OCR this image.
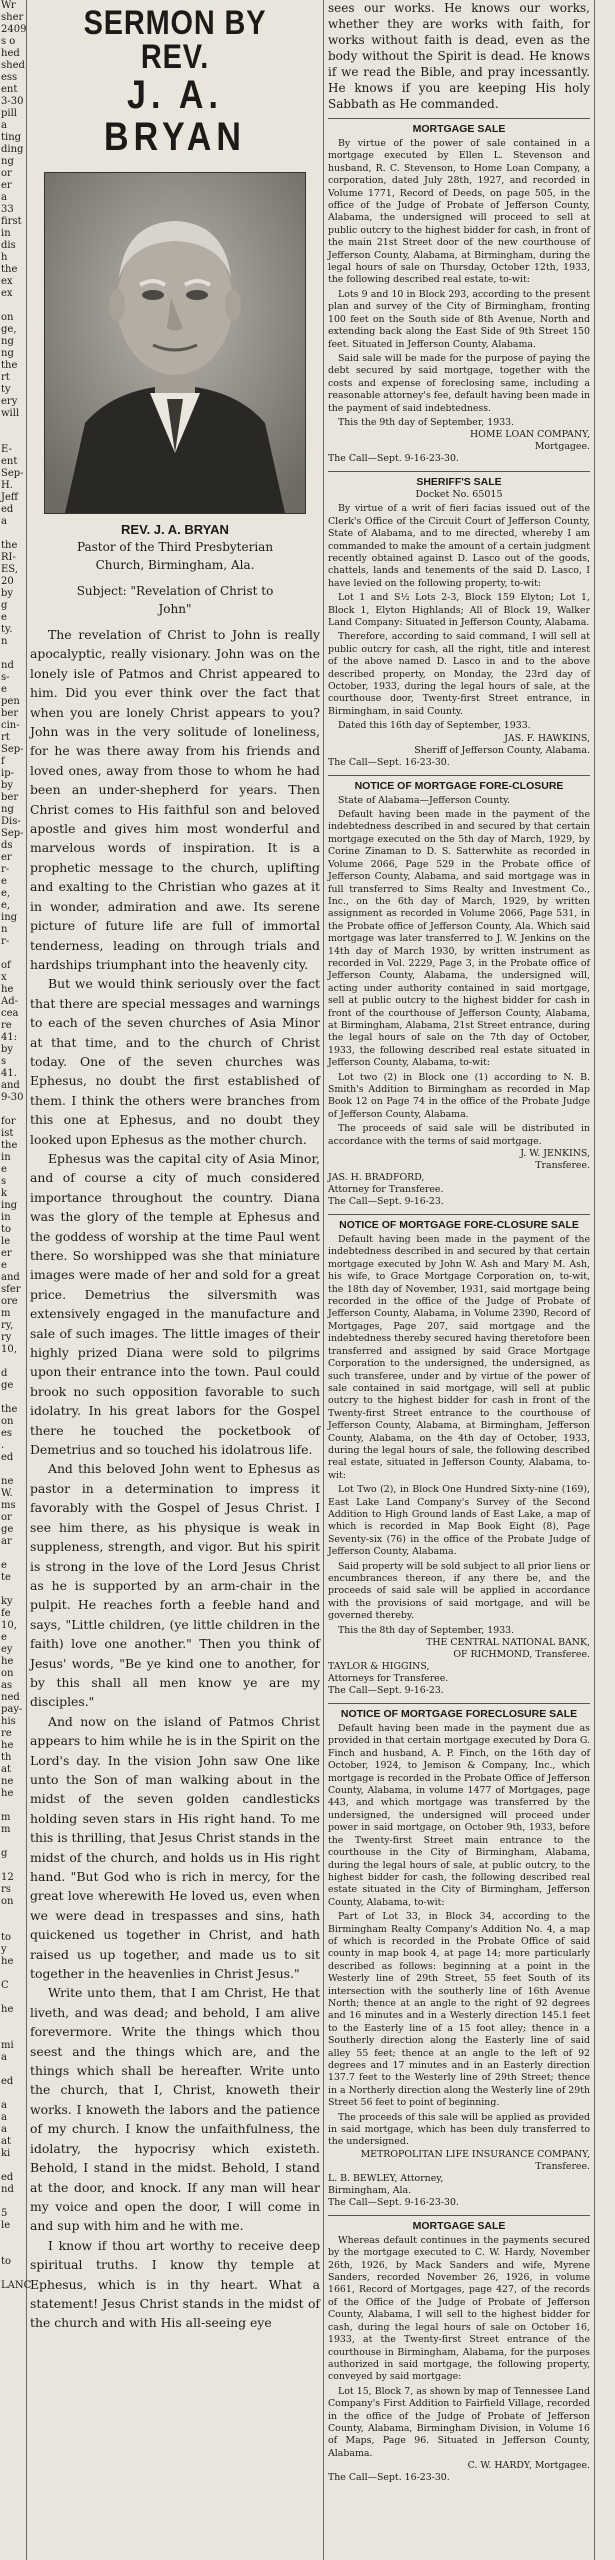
Wr
sher
2409
s o
hed
shed
ess
ent
3-30
pill
a
ting
ding
ng
or
er
a
33
first
in
dis
h
the
ex
ex

on
ge,
ng
ng
the
rt
ty
ery
will

E-
ent
Sep-
H.
Jeff
ed
a

the
RI-
ES,
20
by
g
e
ty.
n

nd
s-
e
pen
ber
cin-
rt
Sep-
f
ip-
by
ber
ng
Dis-
Sep-
ds
er
r-
e
e,
e,
ing
n
r-

of
x
he
Ad-
cea
re
41:
by
s
41.
and
9-30

for
ist
the
in
e
s
k
ing
in
to
le
er
e
and
sfer
ore
m
ry,
ry
10,

d
ge

the
on
es
.
ed

ne
W.
ms
or
ge
ar

e
te

ky
fe
10,
e
ey
he
on
as
ned
pay-
his
re
he
th
at
ne
he

m
m

g

12
rs
on

to
y
he

C

he

mi
a

ed

a
a
a
at
ki

ed
nd

5
le

to

LANC
SERMON BY REV.
J. A. BRYAN
REV. J. A. BRYAN
Pastor of the Third Presbyterian
Church, Birmingham, Ala.
Subject: "Revelation of Christ to
John"

The revelation of Christ to John is really apocalyptic, really visionary. John was on the lonely isle of Patmos and Christ appeared to him. Did you ever think over the fact that when you are lonely Christ appears to you? John was in the very solitude of loneliness, for he was there away from his friends and loved ones, away from those to whom he had been an under-shepherd for years. Then Christ comes to His faithful son and beloved apostle and gives him most wonderful and marvelous words of inspiration. It is a prophetic message to the church, uplifting and exalting to the Christian who gazes at it in wonder, admiration and awe. Its serene picture of future life are full of immortal tenderness, leading on through trials and hardships triumphant into the heavenly city.

But we would think seriously over the fact that there are special messages and warnings to each of the seven churches of Asia Minor at that time, and to the church of Christ today. One of the seven churches was Ephesus, no doubt the first established of them. I think the others were branches from this one at Ephesus, and no doubt they looked upon Ephesus as the mother church.

Ephesus was the capital city of Asia Minor, and of course a city of much considered importance throughout the country. Diana was the glory of the temple at Ephesus and the goddess of worship at the time Paul went there. So worshipped was she that miniature images were made of her and sold for a great price. Demetrius the silversmith was extensively engaged in the manufacture and sale of such images. The little images of their highly prized Diana were sold to pilgrims upon their entrance into the town. Paul could brook no such opposition favorable to such idolatry. In his great labors for the Gospel there he touched the pocketbook of Demetrius and so touched his idolatrous life.

And this beloved John went to Ephesus as pastor in a determination to impress it favorably with the Gospel of Jesus Christ. I see him there, as his physique is weak in suppleness, strength, and vigor. But his spirit is strong in the love of the Lord Jesus Christ as he is supported by an arm-chair in the pulpit. He reaches forth a feeble hand and says, "Little children, (ye little children in the faith) love one another." Then you think of Jesus' words, "Be ye kind one to another, for by this shall all men know ye are my disciples."

And now on the island of Patmos Christ appears to him while he is in the Spirit on the Lord's day. In the vision John saw One like unto the Son of man walking about in the midst of the seven golden candlesticks holding seven stars in His right hand. To me this is thrilling, that Jesus Christ stands in the midst of the church, and holds us in His right hand. "But God who is rich in mercy, for the great love wherewith He loved us, even when we were dead in trespasses and sins, hath quickened us together in Christ, and hath raised us up together, and made us to sit together in the heavenlies in Christ Jesus."

Write unto them, that I am Christ, He that liveth, and was dead; and behold, I am alive forevermore. Write the things which thou seest and the things which are, and the things which shall be hereafter. Write unto the church, that I, Christ, knoweth their works. I knoweth the labors and the patience of my church. I know the unfaithfulness, the idolatry, the hypocrisy which existeth. Behold, I stand in the midst. Behold, I stand at the door, and knock. If any man will hear my voice and open the door, I will come in and sup with him and he with me.

I know if thou art worthy to receive deep spiritual truths. I know thy temple at Ephesus, which is in thy heart. What a statement! Jesus Christ stands in the midst of the church and with His all-seeing eye

sees our works. He knows our works, whether they are works with faith, for works without faith is dead, even as the body without the Spirit is dead. He knows if we read the Bible, and pray incessantly. He knows if you are keeping His holy Sabbath as He commanded.

MORTGAGE SALE

By virtue of the power of sale contained in a mortgage executed by Ellen L. Stevenson and husband, R. C. Stevenson, to Home Loan Company, a corporation, dated July 28th, 1927, and recorded in Volume 1771, Record of Deeds, on page 505, in the office of the Judge of Probate of Jefferson County, Alabama, the undersigned will proceed to sell at public outcry to the highest bidder for cash, in front of the main 21st Street door of the new courthouse of Jefferson County, Alabama, at Birmingham, during the legal hours of sale on Thursday, October 12th, 1933, the following described real estate, to-wit:

Lots 9 and 10 in Block 293, according to the present plan and survey of the City of Birmingham, fronting 100 feet on the South side of 8th Avenue, North and extending back along the East Side of 9th Street 150 feet. Situated in Jefferson County, Alabama.

Said sale will be made for the purpose of paying the debt secured by said mortgage, together with the costs and expense of foreclosing same, including a reasonable attorney's fee, default having been made in the payment of said indebtedness.

This the 9th day of September, 1933.

HOME LOAN COMPANY,

Mortgagee.

The Call—Sept. 9-16-23-30.

SHERIFF'S SALE
Docket No. 65015

By virtue of a writ of fieri facias issued out of the Clerk's Office of the Circuit Court of Jefferson County, State of Alabama, and to me directed, whereby I am commanded to make the amount of a certain judgment recently obtained against D. Lasco out of the goods, chattels, lands and tenements of the said D. Lasco, I have levied on the following property, to-wit:

Lot 1 and S½ Lots 2-3, Block 159 Elyton; Lot 1, Block 1, Elyton Highlands; All of Block 19, Walker Land Company: Situated in Jefferson County, Alabama.

Therefore, according to said command, I will sell at public outcry for cash, all the right, title and interest of the above named D. Lasco in and to the above described property, on Monday, the 23rd day of October, 1933, during the legal hours of sale, at the courthouse door, Twenty-first Street entrance, in Birmingham, in said County.

Dated this 16th day of September, 1933.

JAS. F. HAWKINS,

Sheriff of Jefferson County, Alabama.

The Call—Sept. 16-23-30.

NOTICE OF MORTGAGE FORE-CLOSURE

State of Alabama—Jefferson County.

Default having been made in the payment of the indebtedness described in and secured by that certain mortgage executed on the 5th day of March, 1929, by Corine Zinaman to D. S. Satterwhite as recorded in Volume 2066, Page 529 in the Probate office of Jefferson County, Alabama, and said mortgage was in full transferred to Sims Realty and Investment Co., Inc., on the 6th day of March, 1929, by written assignment as recorded in Volume 2066, Page 531, in the Probate office of Jefferson County, Ala. Which said mortgage was later transferred to J. W. Jenkins on the 14th day of March 1930, by written instrument as recorded in Vol. 2229, Page 3, in the Probate office of Jefferson County, Alabama, the undersigned will, acting under authority contained in said mortgage, sell at public outcry to the highest bidder for cash in front of the courthouse of Jefferson County, Alabama, at Birmingham, Alabama, 21st Street entrance, during the legal hours of sale on the 7th day of October, 1933, the following described real estate situated in Jefferson County, Alabama, to-wit:

Lot two (2) in Block one (1) according to N. B. Smith's Addition to Birmingham as recorded in Map Book 12 on Page 74 in the office of the Probate Judge of Jefferson County, Alabama.

The proceeds of said sale will be distributed in accordance with the terms of said mortgage.

J. W. JENKINS,

Transferee.

JAS. H. BRADFORD,

Attorney for Transferee.

The Call—Sept. 9-16-23.

NOTICE OF MORTGAGE FORE-CLOSURE SALE

Default having been made in the payment of the indebtedness described in and secured by that certain mortgage executed by John W. Ash and Mary M. Ash, his wife, to Grace Mortgage Corporation on, to-wit, the 18th day of November, 1931, said mortgage being recorded in the office of the Judge of Probate of Jefferson County, Alabama, in Volume 2390, Record of Mortgages, Page 207, said mortgage and the indebtedness thereby secured having theretofore been transferred and assigned by said Grace Mortgage Corporation to the undersigned, the undersigned, as such transferee, under and by virtue of the power of sale contained in said mortgage, will sell at public outcry to the highest bidder for cash in front of the Twenty-first Street entrance to the courthouse of Jefferson County, Alabama, at Birmingham, Jefferson County, Alabama, on the 4th day of October, 1933, during the legal hours of sale, the following described real estate, situated in Jefferson County, Alabama, to-wit:

Lot Two (2), in Block One Hundred Sixty-nine (169), East Lake Land Company's Survey of the Second Addition to High Ground lands of East Lake, a map of which is recorded in Map Book Eight (8), Page Seventy-six (76) in the office of the Probate Judge of Jefferson County, Alabama.

Said property will be sold subject to all prior liens or encumbrances thereon, if any there be, and the proceeds of said sale will be applied in accordance with the provisions of said mortgage, and will be governed thereby.

This the 8th day of September, 1933.

THE CENTRAL NATIONAL BANK,

OF RICHMOND, Transferee.

TAYLOR & HIGGINS,

Attorneys for Transferee.

The Call—Sept. 9-16-23.

NOTICE OF MORTGAGE FORECLOSURE SALE

Default having been made in the payment due as provided in that certain mortgage executed by Dora G. Finch and husband, A. P. Finch, on the 16th day of October, 1924, to Jemison & Company, Inc., which mortgage is recorded in the Probate Office of Jefferson County, Alabama, in volume 1477 of Mortgages, page 443, and which mortgage was transferred by the undersigned, the undersigned will proceed under power in said mortgage, on October 9th, 1933, before the Twenty-first Street main entrance to the courthouse in the City of Birmingham, Alabama, during the legal hours of sale, at public outcry, to the highest bidder for cash, the following described real estate situated in the City of Birmingham, Jefferson County, Alabama, to-wit:

Part of Lot 33, in Block 34, according to the Birmingham Realty Company's Addition No. 4, a map of which is recorded in the Probate Office of said county in map book 4, at page 14; more particularly described as follows: beginning at a point in the Westerly line of 29th Street, 55 feet South of its intersection with the southerly line of 16th Avenue North; thence at an angle to the right of 92 degrees and 16 minutes and in a Westerly direction 145.1 feet to the Easterly line of a 15 foot alley; thence in a Southerly direction along the Easterly line of said alley 55 feet; thence at an angle to the left of 92 degrees and 17 minutes and in an Easterly direction 137.7 feet to the Westerly line of 29th Street; thence in a Northerly direction along the Westerly line of 29th Street 56 feet to point of beginning.

The proceeds of this sale will be applied as provided in said mortgage, which has been duly transferred to the undersigned.

METROPOLITAN LIFE INSURANCE COMPANY, Transferee.

L. B. BEWLEY, Attorney,

Birmingham, Ala.

The Call—Sept. 9-16-23-30.

MORTGAGE SALE

Whereas default continues in the payments secured by the mortgage executed to C. W. Hardy, November 26th, 1926, by Mack Sanders and wife, Myrene Sanders, recorded November 26, 1926, in volume 1661, Record of Mortgages, page 427, of the records of the Office of the Judge of Probate of Jefferson County, Alabama, I will sell to the highest bidder for cash, during the legal hours of sale on October 16, 1933, at the Twenty-first Street entrance of the courthouse in Birmingham, Alabama, for the purposes authorized in said mortgage, the following property, conveyed by said mortgage:

Lot 15, Block 7, as shown by map of Tennessee Land Company's First Addition to Fairfield Village, recorded in the office of the Judge of Probate of Jefferson County, Alabama, Birmingham Division, in Volume 16 of Maps, Page 96. Situated in Jefferson County, Alabama.

C. W. HARDY, Mortgagee.

The Call—Sept. 16-23-30.
